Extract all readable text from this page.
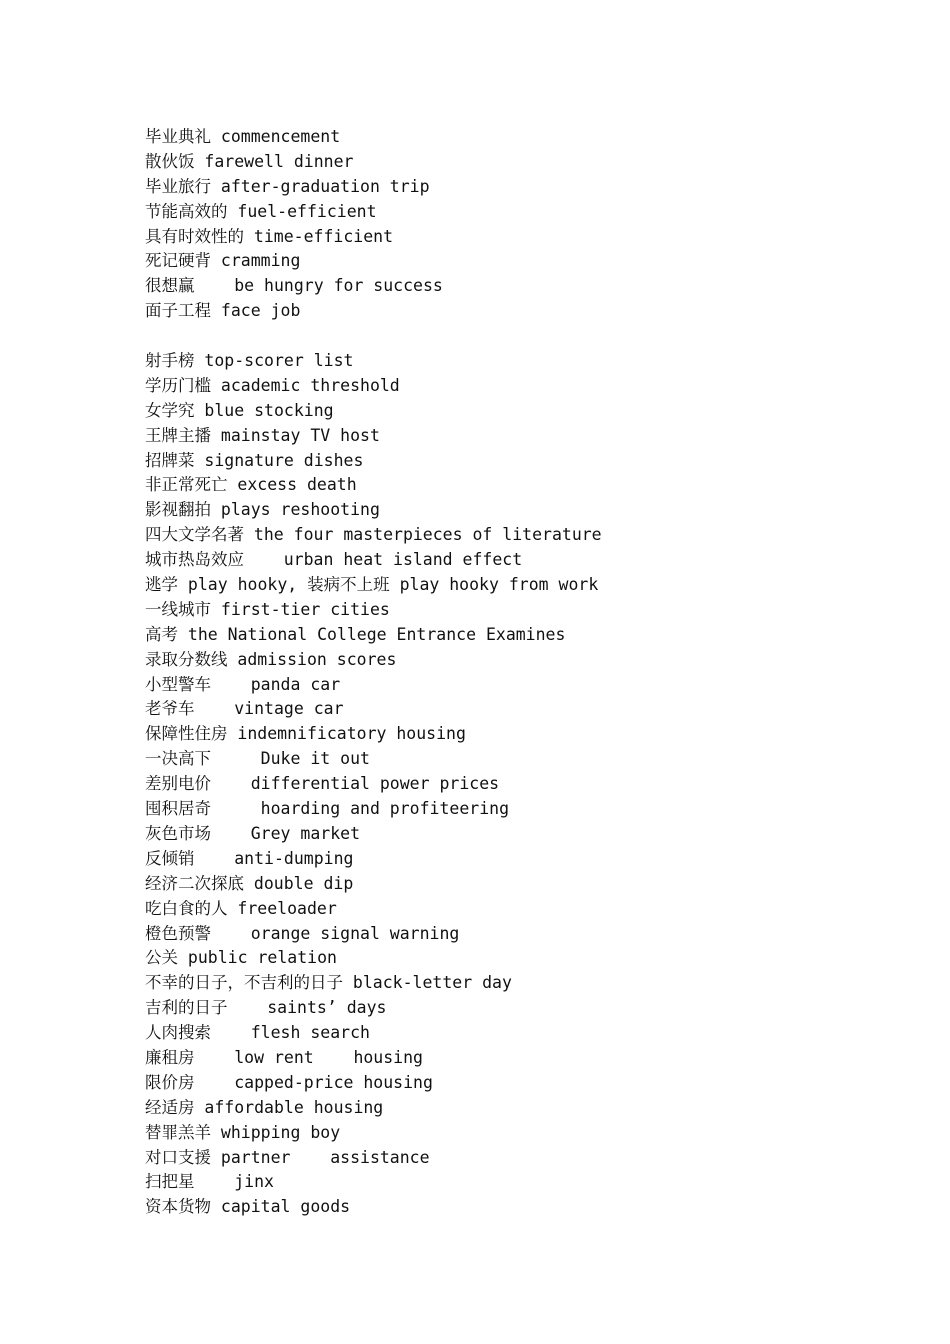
毕业典礼 commencement
散伙饭 farewell dinner
毕业旅行 after-graduation trip
节能高效的 fuel-efficient
具有时效性的 time-efficient
死记硬背 cramming
很想赢    be hungry for success
面子工程 face job
射手榜 top-scorer list
学历门槛 academic threshold
女学究 blue stocking
王牌主播 mainstay TV host
招牌菜 signature dishes
非正常死亡 excess death
影视翻拍 plays reshooting
四大文学名著 the four masterpieces of literature
城市热岛效应    urban heat island effect
逃学 play hooky, 装病不上班 play hooky from work
一线城市 first-tier cities
高考 the National College Entrance Examines
录取分数线 admission scores
小型警车    panda car
老爷车    vintage car
保障性住房 indemnificatory housing
一决高下     Duke it out
差别电价    differential power prices
囤积居奇     hoarding and profiteering
灰色市场    Grey market
反倾销    anti-dumping
经济二次探底 double dip
吃白食的人 freeloader
橙色预警    orange signal warning
公关 public relation
不幸的日子，不吉利的日子 black-letter day
吉利的日子    saints’ days
人肉搜索    flesh search
廉租房    low rent    housing
限价房    capped-price housing
经适房 affordable housing
替罪羔羊 whipping boy
对口支援 partner    assistance
扫把星    jinx
资本货物 capital goods
